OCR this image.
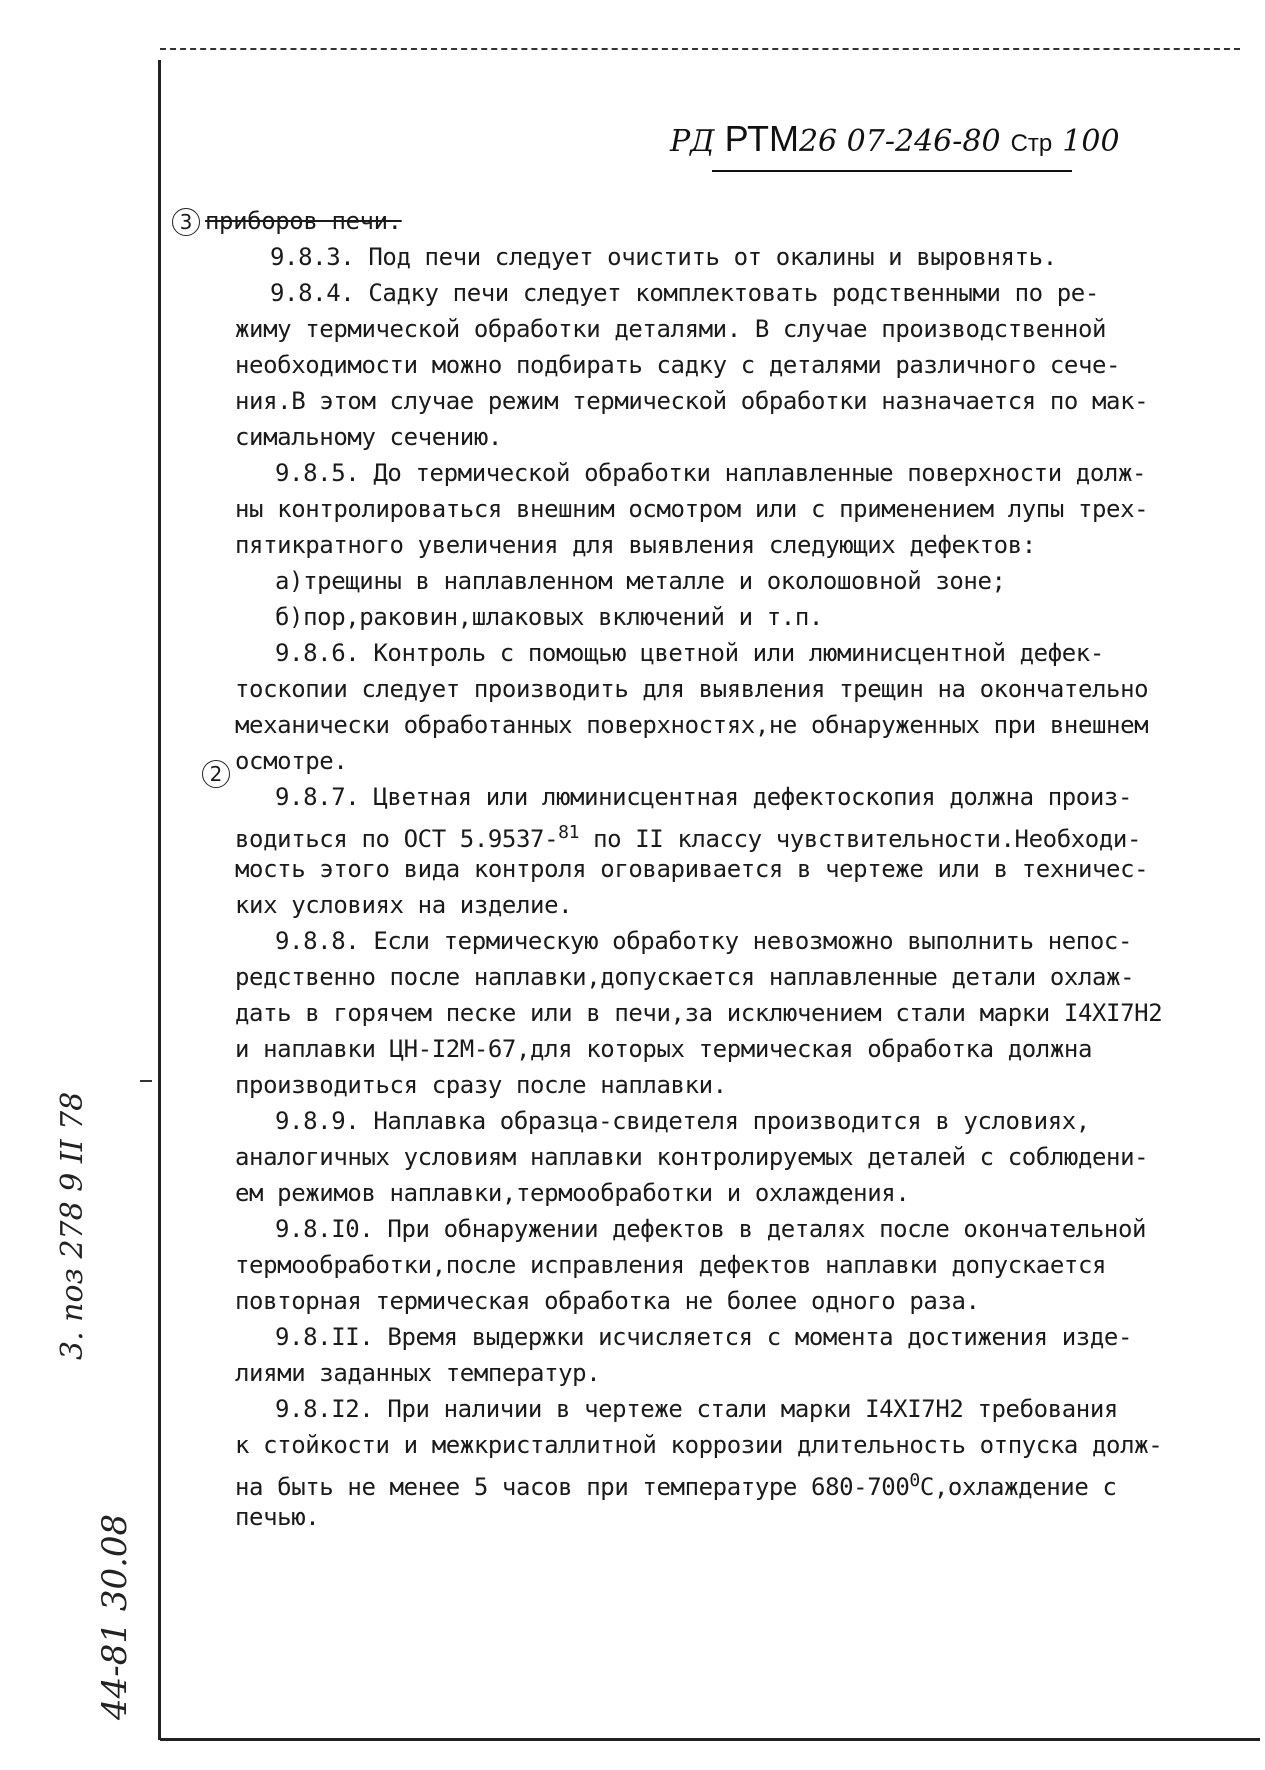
РД РТМ26 07-246-80 Стр 100
3
2
приборов печи.
9.8.3. Под печи следует очистить от окалины и выровнять.
9.8.4. Садку печи следует комплектовать родственными по ре-
жиму термической обработки деталями. В случае производственной
необходимости можно подбирать садку с деталями различного сече-
ния.В этом случае режим термической обработки назначается по мак-
симальному сечению.
9.8.5. До термической обработки наплавленные поверхности долж-
ны контролироваться внешним осмотром или с применением лупы трех-
пятикратного увеличения для выявления следующих дефектов:
а)трещины в наплавленном металле и околошовной зоне;
б)пор,раковин,шлаковых включений и т.п.
9.8.6. Контроль с помощью цветной или люминисцентной дефек-
тоскопии следует производить для выявления трещин на окончательно
механически обработанных поверхностях,не обнаруженных при внешнем
осмотре.
9.8.7. Цветная или люминисцентная дефектоскопия должна произ-
водиться по ОСТ 5.9537-$^{81}$ по II классу чувствительности.Необходи-
мость этого вида контроля оговаривается в чертеже или в техничес-
ких условиях на изделие.
9.8.8. Если термическую обработку невозможно выполнить непос-
редственно после наплавки,допускается наплавленные детали охлаж-
дать в горячем песке или в печи,за исключением стали марки I4XI7H2
и наплавки ЦН-I2М-67,для которых термическая обработка должна
производиться сразу после наплавки.
9.8.9. Наплавка образца-свидетеля производится в условиях,
аналогичных условиям наплавки контролируемых деталей с соблюдени-
ем режимов наплавки,термообработки и охлаждения.
9.8.I0. При обнаружении дефектов в деталях после окончательной
термообработки,после исправления дефектов наплавки допускается
повторная термическая обработка не более одного раза.
9.8.II. Время выдержки исчисляется с момента достижения изде-
лиями заданных температур.
9.8.I2. При наличии в чертеже стали марки I4XI7H2 требования
к стойкости и межкристаллитной коррозии длительность отпуска долж-
на быть не менее 5 часов при температуре $680-700^0C,охлаждение$ с
печью.
3. поз 278 9 II 78
44-81 30.08
